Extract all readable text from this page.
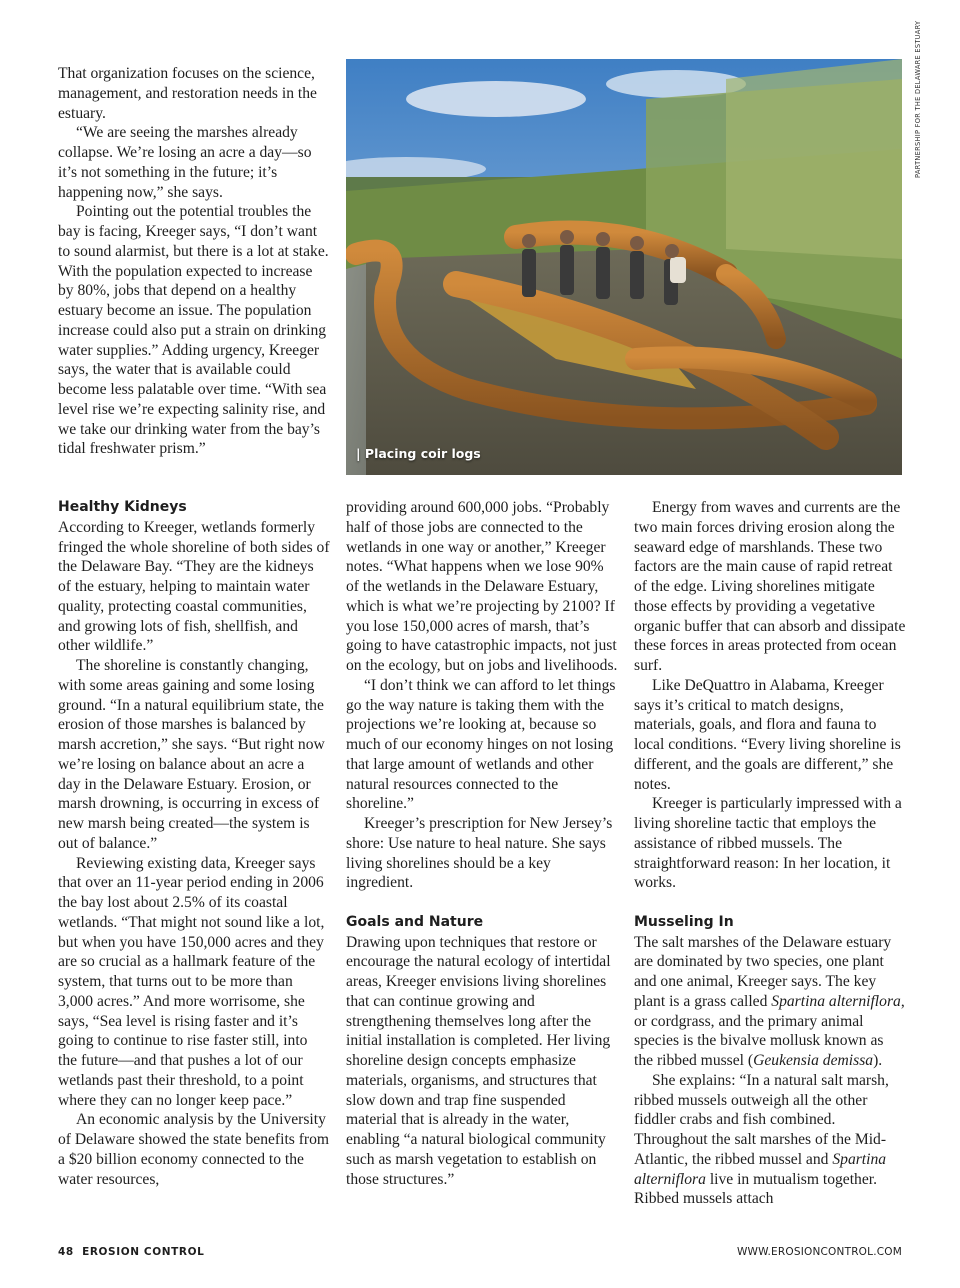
That organization focuses on the science, management, and restoration needs in the estuary.

“We are seeing the marshes already collapse. We’re losing an acre a day—so it’s not something in the future; it’s happening now,” she says.

Pointing out the potential troubles the bay is facing, Kreeger says, “I don’t want to sound alarmist, but there is a lot at stake. With the population expected to increase by 80%, jobs that depend on a healthy estuary become an issue. The population increase could also put a strain on drinking water supplies.” Adding urgency, Kreeger says, the water that is available could become less palatable over time. “With sea level rise we’re expecting salinity rise, and we take our drinking water from the bay’s tidal freshwater prism.”	| Placing coir logs
PARTNERSHIP FOR THE DELAWARE ESTUARY
Healthy Kidneys

According to Kreeger, wetlands formerly fringed the whole shoreline of both sides of the Delaware Bay. “They are the kidneys of the estuary, helping to maintain water quality, protecting coastal communities, and growing lots of fish, shellfish, and other wildlife.”

The shoreline is constantly changing, with some areas gaining and some losing ground. “In a natural equilibrium state, the erosion of those marshes is balanced by marsh accretion,” she says. “But right now we’re losing on balance about an acre a day in the Delaware Estuary. Erosion, or marsh drowning, is occurring in excess of new marsh being created—the system is out of balance.”

Reviewing existing data, Kreeger says that over an 11-year period ending in 2006 the bay lost about 2.5% of its coastal wetlands. “That might not sound like a lot, but when you have 150,000 acres and they are so crucial as a hallmark feature of the system, that turns out to be more than 3,000 acres.” And more worrisome, she says, “Sea level is rising faster and it’s going to continue to rise faster still, into the future—and that pushes a lot of our wetlands past their threshold, to a point where they can no longer keep pace.”

An economic analysis by the University of Delaware showed the state benefits from a $20 billion economy connected to the water resources,

providing around 600,000 jobs. “Probably half of those jobs are connected to the wetlands in one way or another,” Kreeger notes. “What happens when we lose 90% of the wetlands in the Delaware Estuary, which is what we’re projecting by 2100? If you lose 150,000 acres of marsh, that’s going to have catastrophic impacts, not just on the ecology, but on jobs and livelihoods.

“I don’t think we can afford to let things go the way nature is taking them with the projections we’re looking at, because so much of our economy hinges on not losing that large amount of wetlands and other natural resources connected to the shoreline.”

Kreeger’s prescription for New Jersey’s shore: Use nature to heal nature. She says living shorelines should be a key ingredient.

Goals and Nature

Drawing upon techniques that restore or encourage the natural ecology of intertidal areas, Kreeger envisions living shorelines that can continue growing and strengthening themselves long after the initial installation is completed. Her living shoreline design concepts emphasize materials, organisms, and structures that slow down and trap fine suspended material that is already in the water, enabling “a natural biological community such as marsh vegetation to establish on those structures.”

Energy from waves and currents are the two main forces driving erosion along the seaward edge of marshlands. These two factors are the main cause of rapid retreat of the edge. Living shorelines mitigate those effects by providing a vegetative organic buffer that can absorb and dissipate these forces in areas protected from ocean surf.

Like DeQuattro in Alabama, Kreeger says it’s critical to match designs, materials, goals, and flora and fauna to local conditions. “Every living shoreline is different, and the goals are different,” she notes.

Kreeger is particularly impressed with a living shoreline tactic that employs the assistance of ribbed mussels. The straightforward reason: In her location, it works.

Musseling In

The salt marshes of the Delaware estuary are dominated by two species, one plant and one animal, Kreeger says. The key plant is a grass called Spartina alterniflora, or cordgrass, and the primary animal species is the bivalve mollusk known as the ribbed mussel (Geukensia demissa).

She explains: “In a natural salt marsh, ribbed mussels outweigh all the other fiddler crabs and fish combined. Throughout the salt marshes of the Mid-Atlantic, the ribbed mussel and Spartina alterniflora live in mutualism together. Ribbed mussels attach

48 EROSION CONTROL	WWW.EROSIONCONTROL.COM
